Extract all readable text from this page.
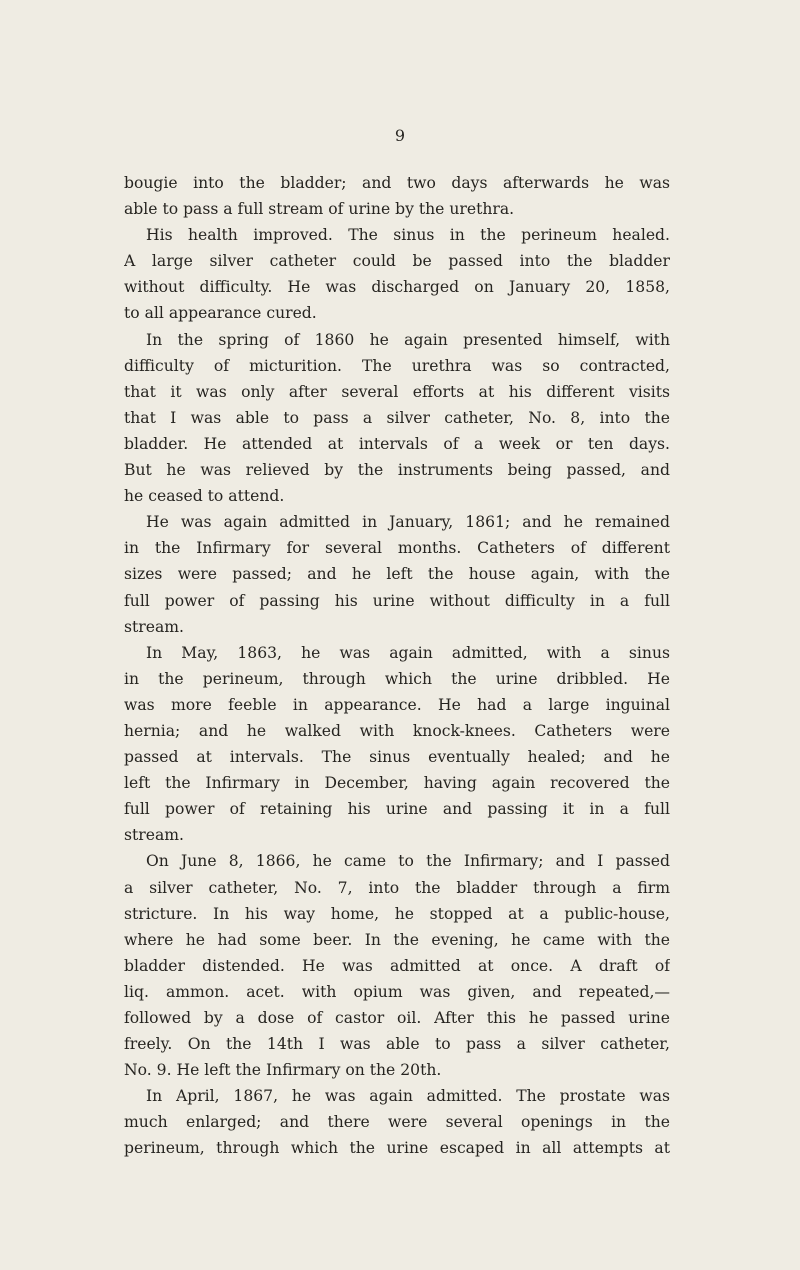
9
bougie into the bladder; and two days afterwards he was
able to pass a full stream of urine by the urethra.
His health improved. The sinus in the perineum healed.
A large silver catheter could be passed into the bladder
without difficulty. He was discharged on January 20, 1858,
to all appearance cured.
In the spring of 1860 he again presented himself, with
difficulty of micturition. The urethra was so contracted,
that it was only after several efforts at his different visits
that I was able to pass a silver catheter, No. 8, into the
bladder. He attended at intervals of a week or ten days.
But he was relieved by the instruments being passed, and
he ceased to attend.
He was again admitted in January, 1861; and he remained
in the Infirmary for several months. Catheters of different
sizes were passed; and he left the house again, with the
full power of passing his urine without difficulty in a full
stream.
In May, 1863, he was again admitted, with a sinus
in the perineum, through which the urine dribbled. He
was more feeble in appearance. He had a large inguinal
hernia; and he walked with knock-knees. Catheters were
passed at intervals. The sinus eventually healed; and he
left the Infirmary in December, having again recovered the
full power of retaining his urine and passing it in a full
stream.
On June 8, 1866, he came to the Infirmary; and I passed
a silver catheter, No. 7, into the bladder through a firm
stricture. In his way home, he stopped at a public-house,
where he had some beer. In the evening, he came with the
bladder distended. He was admitted at once. A draft of
liq. ammon. acet. with opium was given, and repeated,—
followed by a dose of castor oil. After this he passed urine
freely. On the 14th I was able to pass a silver catheter,
No. 9. He left the Infirmary on the 20th.
In April, 1867, he was again admitted. The prostate was
much enlarged; and there were several openings in the
perineum, through which the urine escaped in all attempts at
